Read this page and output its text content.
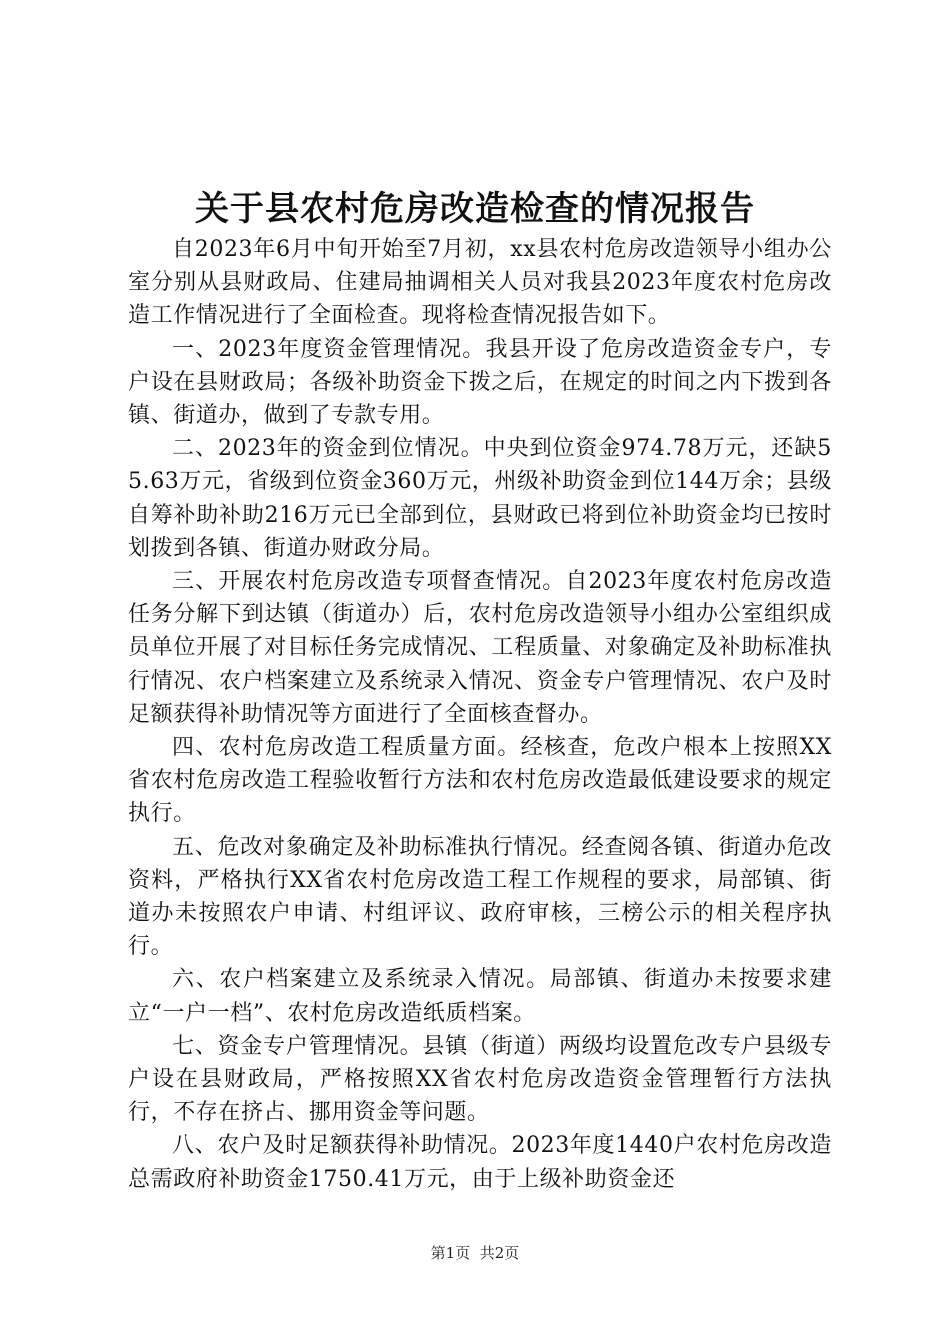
关于县农村危房改造检查的情况报告

自2023年6月中旬开始至7月初，xx县农村危房改造领导小组办公室分别从县财政局、住建局抽调相关人员对我县2023年度农村危房改造工作情况进行了全面检查。现将检查情况报告如下。

一、2023年度资金管理情况。我县开设了危房改造资金专户，专户设在县财政局；各级补助资金下拨之后，在规定的时间之内下拨到各镇、街道办，做到了专款专用。

二、2023年的资金到位情况。中央到位资金974.78万元，还缺55.63万元，省级到位资金360万元，州级补助资金到位144万余；县级自筹补助补助216万元已全部到位，县财政已将到位补助资金均已按时划拨到各镇、街道办财政分局。

三、开展农村危房改造专项督查情况。自2023年度农村危房改造任务分解下到达镇（街道办）后，农村危房改造领导小组办公室组织成员单位开展了对目标任务完成情况、工程质量、对象确定及补助标准执行情况、农户档案建立及系统录入情况、资金专户管理情况、农户及时足额获得补助情况等方面进行了全面核查督办。

四、农村危房改造工程质量方面。经核查，危改户根本上按照XX省农村危房改造工程验收暂行方法和农村危房改造最低建设要求的规定执行。

五、危改对象确定及补助标准执行情况。经查阅各镇、街道办危改资料，严格执行XX省农村危房改造工程工作规程的要求，局部镇、街道办未按照农户申请、村组评议、政府审核，三榜公示的相关程序执行。

六、农户档案建立及系统录入情况。局部镇、街道办未按要求建立“一户一档”、农村危房改造纸质档案。

七、资金专户管理情况。县镇（街道）两级均设置危改专户县级专户设在县财政局，严格按照XX省农村危房改造资金管理暂行方法执行，不存在挤占、挪用资金等问题。

八、农户及时足额获得补助情况。2023年度1440户农村危房改造总需政府补助资金1750.41万元，由于上级补助资金还

第1页 共2页
